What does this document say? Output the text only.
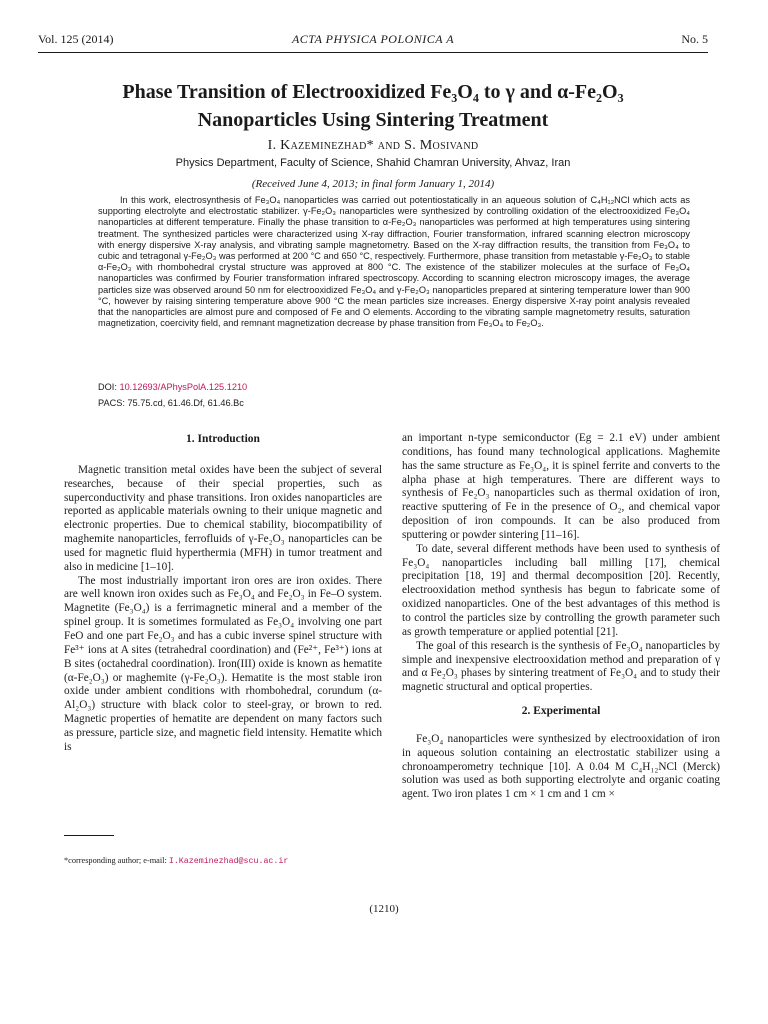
Vol. 125 (2014)	ACTA PHYSICA POLONICA A	No. 5
Phase Transition of Electrooxidized Fe₃O₄ to γ and α-Fe₂O₃
Nanoparticles Using Sintering Treatment
I. Kazeminezhad* and S. Mosivand
Physics Department, Faculty of Science, Shahid Chamran University, Ahvaz, Iran
(Received June 4, 2013; in final form January 1, 2014)
In this work, electrosynthesis of Fe₃O₄ nanoparticles was carried out potentiostatically in an aqueous solution of C₄H₁₂NCl which acts as supporting electrolyte and electrostatic stabilizer. γ-Fe₂O₃ nanoparticles were synthesized by controlling oxidation of the electrooxidized Fe₃O₄ nanoparticles at different temperature. Finally the phase transition to α-Fe₂O₃ nanoparticles was performed at high temperatures using sintering treatment. The synthesized particles were characterized using X-ray diffraction, Fourier transformation, infrared scanning electron microscopy with energy dispersive X-ray analysis, and vibrating sample magnetometry. Based on the X-ray diffraction results, the transition from Fe₃O₄ to cubic and tetragonal γ-Fe₂O₃ was performed at 200 °C and 650 °C, respectively. Furthermore, phase transition from metastable γ-Fe₂O₃ to stable α-Fe₂O₃ with rhombohedral crystal structure was approved at 800 °C. The existence of the stabilizer molecules at the surface of Fe₃O₄ nanoparticles was confirmed by Fourier transformation infrared spectroscopy. According to scanning electron microscopy images, the average particles size was observed around 50 nm for electrooxidized Fe₃O₄ and γ-Fe₂O₃ nanoparticles prepared at sintering temperature lower than 900 °C, however by raising sintering temperature above 900 °C the mean particles size increases. Energy dispersive X-ray point analysis revealed that the nanoparticles are almost pure and composed of Fe and O elements. According to the vibrating sample magnetometry results, saturation magnetization, coercivity field, and remnant magnetization decrease by phase transition from Fe₃O₄ to Fe₂O₃.
DOI: 10.12693/APhysPolA.125.1210
PACS: 75.75.cd, 61.46.Df, 61.46.Bc

1. Introduction

Magnetic transition metal oxides have been the subject of several researches, because of their special properties, such as superconductivity and phase transitions. Iron oxides nanoparticles are reported as applicable materials owning to their unique magnetic and electronic properties. Due to chemical stability, biocompatibility of maghemite nanoparticles, ferrofluids of γ-Fe₂O₃ nanoparticles can be used for magnetic fluid hyperthermia (MFH) in tumor treatment and also in medicine [1–10].

The most industrially important iron ores are iron oxides. There are well known iron oxides such as Fe₃O₄ and Fe₂O₃ in Fe–O system. Magnetite (Fe₃O₄) is a ferrimagnetic mineral and a member of the spinel group. It is sometimes formulated as Fe₃O₄ involving one part FeO and one part Fe₂O₃ and has a cubic inverse spinel structure with Fe³⁺ ions at A sites (tetrahedral coordination) and (Fe²⁺, Fe³⁺) ions at B sites (octahedral coordination). Iron(III) oxide is known as hematite (α-Fe₂O₃) or maghemite (γ-Fe₂O₃). Hematite is the most stable iron oxide under ambient conditions with rhombohedral, corundum (α-Al₂O₃) structure with black color to steel-gray, or brown to red. Magnetic properties of hematite are dependent on many factors such as pressure, particle size, and magnetic field intensity. Hematite which is

an important n-type semiconductor (Eg = 2.1 eV) under ambient conditions, has found many technological applications. Maghemite has the same structure as Fe₃O₄, it is spinel ferrite and converts to the alpha phase at high temperatures. There are different ways to synthesis of Fe₂O₃ nanoparticles such as thermal oxidation of iron, reactive sputtering of Fe in the presence of O₂, and chemical vapor deposition of iron compounds. It can be also produced from sputtering or powder sintering [11–16].

To date, several different methods have been used to synthesis of Fe₃O₄ nanoparticles including ball milling [17], chemical precipitation [18, 19] and thermal decomposition [20]. Recently, electrooxidation method synthesis has begun to fabricate some of oxidized nanoparticles. One of the best advantages of this method is to control the particles size by controlling the growth parameter such as growth temperature or applied potential [21].

The goal of this research is the synthesis of Fe₃O₄ nanoparticles by simple and inexpensive electrooxidation method and preparation of γ and α Fe₂O₃ phases by sintering treatment of Fe₃O₄ and to study their magnetic structural and optical properties.

2. Experimental

Fe₃O₄ nanoparticles were synthesized by electrooxidation of iron in aqueous solution containing an electrostatic stabilizer using a chronoamperometry technique [10]. A 0.04 M C₄H₁₂NCl (Merck) solution was used as both supporting electrolyte and organic coating agent. Two iron plates 1 cm × 1 cm and 1 cm ×

*corresponding author; e-mail: I.Kazeminezhad@scu.ac.ir
(1210)
